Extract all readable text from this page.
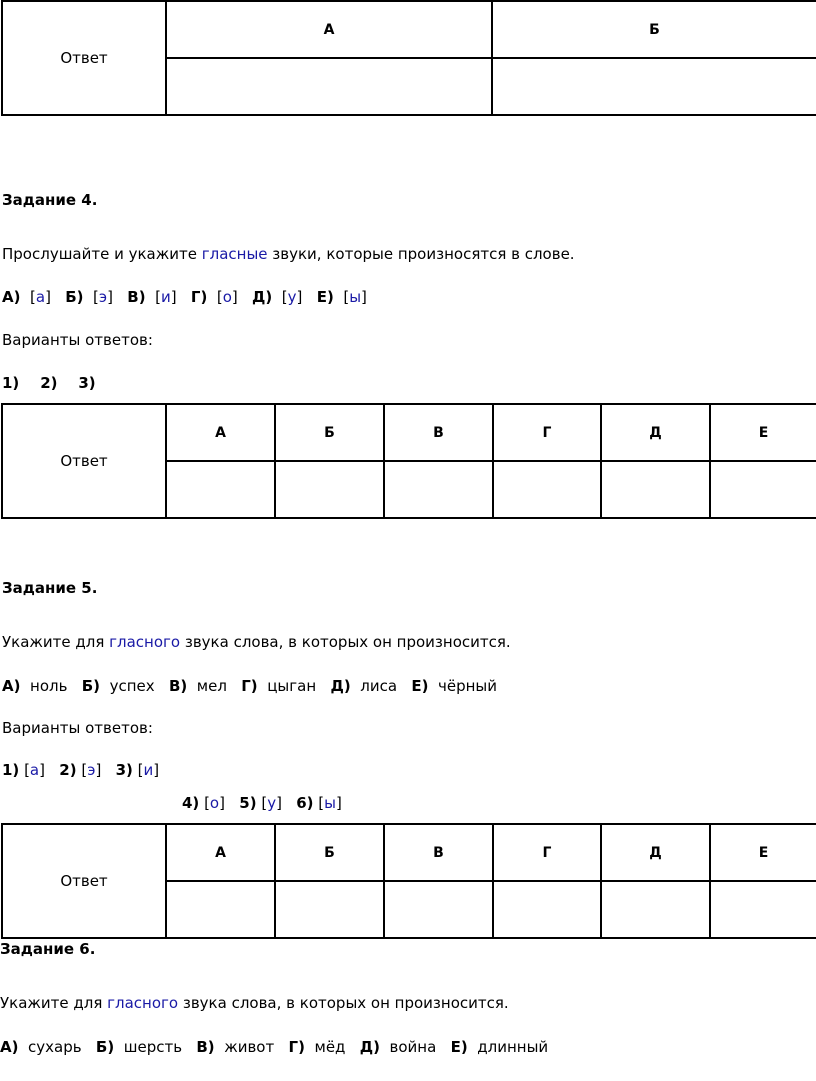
Ответ	А	Б

Задание 4.
Прослушайте и укажите гласные звуки, которые произносятся в слове.
А)  [а]   Б)  [э]   В)  [и]   Г)  [о]   Д)  [у]   Е)  [ы]
Варианты ответов:
1) 2) 3)
Ответ	А	Б	В	Г	Д	Е

Задание 5.
Укажите для гласного звука слова, в которых он произносится.
А) ноль Б) успех В) мел Г) цыган Д) лиса Е) чёрный
Варианты ответов:
1) [а]   2) [э]   3) [и]
4) [о]   5) [у]   6) [ы]
Ответ	А	Б	В	Г	Д	Е

Задание 6.
Укажите для гласного звука слова, в которых он произносится.
А) сухарь Б) шерсть В) живот Г) мёд Д) война Е) длинный
